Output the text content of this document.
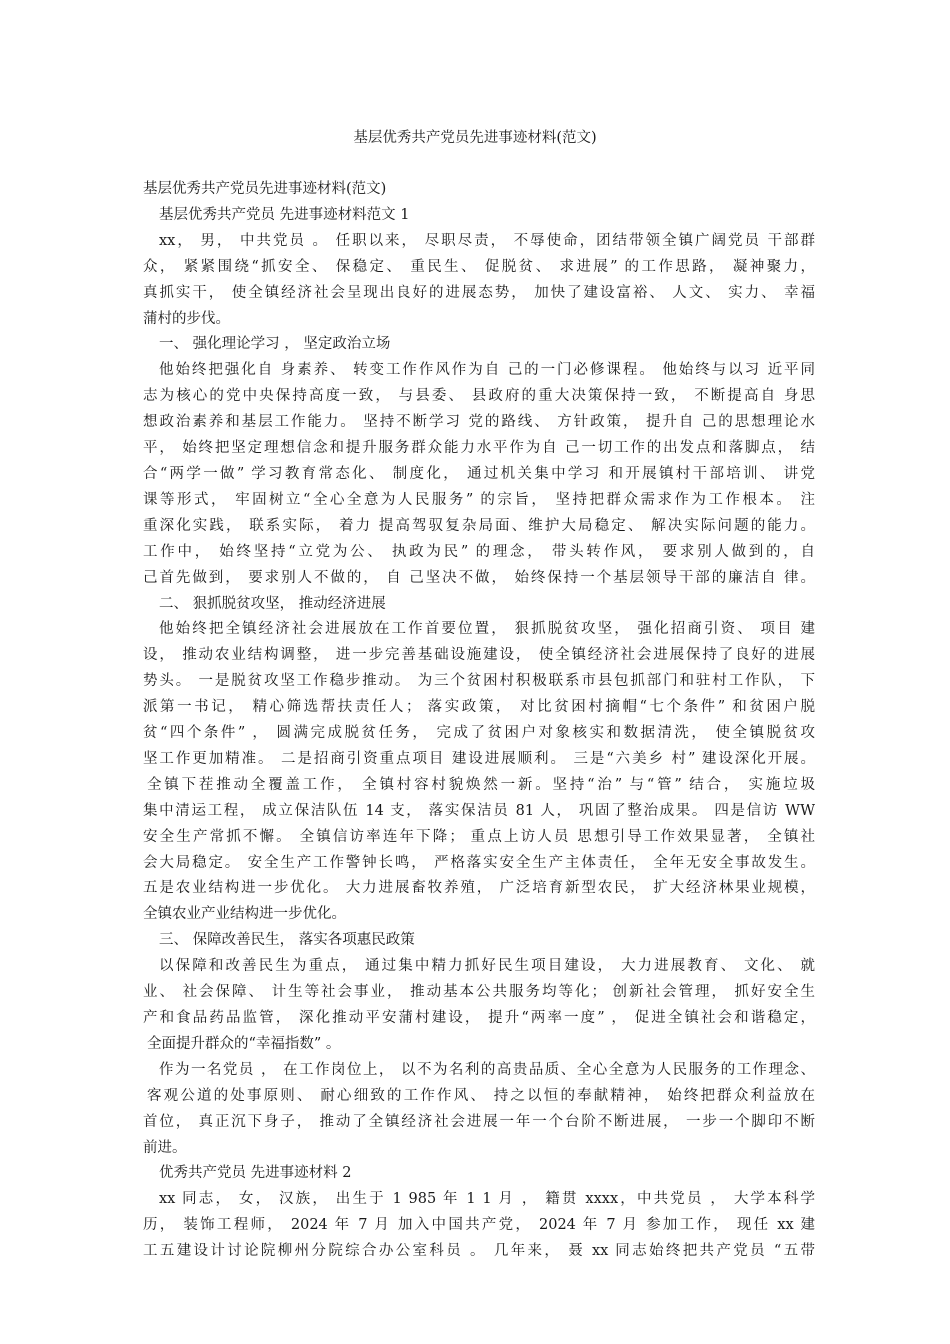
基层优秀共产党员先进事迹材料(范文)

基层优秀共产党员先进事迹材料(范文)

基层优秀共产党员 先进事迹材料范文 1

xx， 男， 中共党员 。 任职以来， 尽职尽责， 不辱使命，团结带领全镇广阔党员 干部群

众， 紧紧围绕“抓安全、 保稳定、 重民生、 促脱贫、 求进展” 的工作思路， 凝神聚力，

真抓实干， 使全镇经济社会呈现出良好的进展态势， 加快了建设富裕、 人文、 实力、 幸福

蒲村的步伐。

一、 强化理论学习 ， 坚定政治立场

他始终把强化自 身素养、 转变工作作风作为自 己的一门必修课程。 他始终与以习 近平同

志为核心的党中央保持高度一致， 与县委、 县政府的重大决策保持一致， 不断提高自 身思

想政治素养和基层工作能力。 坚持不断学习 党的路线、 方针政策， 提升自 己的思想理论水

平， 始终把坚定理想信念和提升服务群众能力水平作为自 己一切工作的出发点和落脚点， 结

合“两学一做” 学习教育常态化、 制度化， 通过机关集中学习 和开展镇村干部培训、 讲党

课等形式， 牢固树立“全心全意为人民服务” 的宗旨， 坚持把群众需求作为工作根本。 注

重深化实践， 联系实际， 着力 提高驾驭复杂局面、维护大局稳定、 解决实际问题的能力。

工作中， 始终坚持“立党为公、 执政为民” 的理念， 带头转作风， 要求别人做到的，自

己首先做到， 要求别人不做的， 自 己坚决不做， 始终保持一个基层领导干部的廉洁自 律。

二、 狠抓脱贫攻坚， 推动经济进展

他始终把全镇经济社会进展放在工作首要位置， 狠抓脱贫攻坚， 强化招商引资、 项目 建

设， 推动农业结构调整， 进一步完善基础设施建设， 使全镇经济社会进展保持了良好的进展

势头。 一是脱贫攻坚工作稳步推动。 为三个贫困村积极联系市县包抓部门和驻村工作队， 下

派第一书记， 精心筛选帮扶责任人； 落实政策， 对比贫困村摘帽“七个条件” 和贫困户脱

贫“四个条件” ， 圆满完成脱贫任务， 完成了贫困户对象核实和数据清洗， 使全镇脱贫攻

坚工作更加精准。 二是招商引资重点项目 建设进展顺利。 三是“六美乡 村” 建设深化开展。

全镇下茬推动全覆盖工作， 全镇村容村貌焕然一新。坚持“治” 与“管” 结合， 实施垃圾

集中清运工程， 成立保洁队伍 14 支， 落实保洁员 81 人， 巩固了整治成果。 四是信访 WW

安全生产常抓不懈。 全镇信访率连年下降； 重点上访人员 思想引导工作效果显著， 全镇社

会大局稳定。 安全生产工作警钟长鸣， 严格落实安全生产主体责任， 全年无安全事故发生。

五是农业结构进一步优化。 大力进展畜牧养殖， 广泛培育新型农民， 扩大经济林果业规模，

全镇农业产业结构进一步优化。

三、 保障改善民生， 落实各项惠民政策

以保障和改善民生为重点， 通过集中精力抓好民生项目建设， 大力进展教育、 文化、 就

业、 社会保障、 计生等社会事业， 推动基本公共服务均等化； 创新社会管理， 抓好安全生

产和食品药品监管， 深化推动平安蒲村建设， 提升“两率一度” ， 促进全镇社会和谐稳定，

全面提升群众的“幸福指数” 。

作为一名党员 ， 在工作岗位上， 以不为名利的高贵品质、全心全意为人民服务的工作理念、

客观公道的处事原则、 耐心细致的工作作风、 持之以恒的奉献精神， 始终把群众利益放在

首位， 真正沉下身子， 推动了全镇经济社会进展一年一个台阶不断进展， 一步一个脚印不断

前进。

优秀共产党员 先进事迹材料 2

xx 同志， 女， 汉族， 出生于 1 985 年 1 1 月 ， 籍贯 xxxx，中共党员 ， 大学本科学

历， 装饰工程师， 2024 年 7 月 加入中国共产党， 2024 年 7 月 参加工作， 现任 xx 建

工五建设计讨论院柳州分院综合办公室科员 。 几年来， 聂 xx 同志始终把共产党员 “五带
